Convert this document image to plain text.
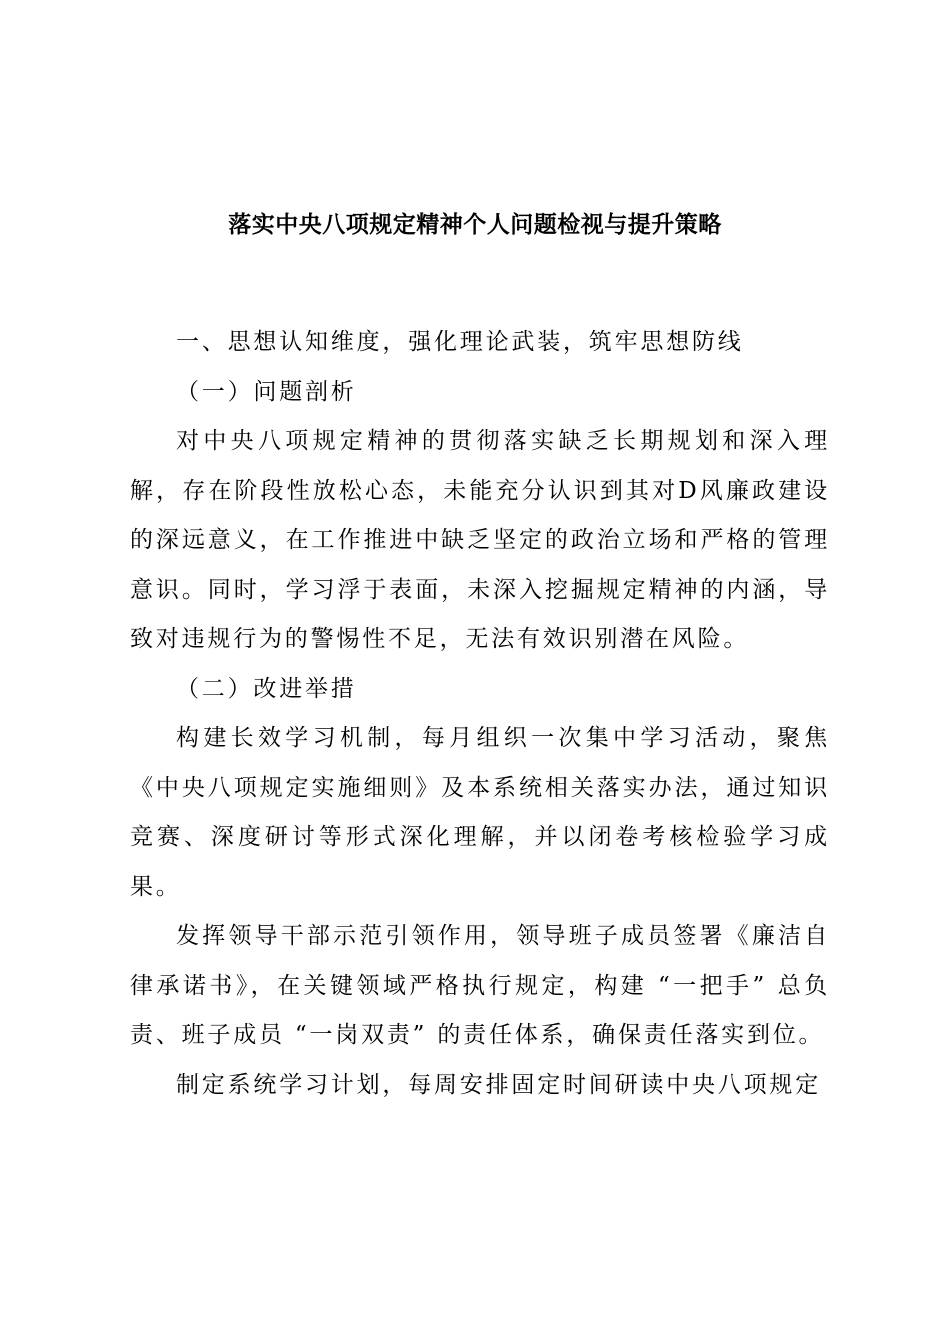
落实中央八项规定精神个人问题检视与提升策略

一、思想认知维度，强化理论武装，筑牢思想防线

（一）问题剖析

对中央八项规定精神的贯彻落实缺乏长期规划和深入理解，存在阶段性放松心态，未能充分认识到其对D风廉政建设的深远意义，在工作推进中缺乏坚定的政治立场和严格的管理意识。同时，学习浮于表面，未深入挖掘规定精神的内涵，导致对违规行为的警惕性不足，无法有效识别潜在风险。

（二）改进举措

构建长效学习机制，每月组织一次集中学习活动，聚焦《中央八项规定实施细则》及本系统相关落实办法，通过知识竞赛、深度研讨等形式深化理解，并以闭卷考核检验学习成果。

发挥领导干部示范引领作用，领导班子成员签署《廉洁自律承诺书》，在关键领域严格执行规定，构建 “一把手” 总负责、班子成员 “一岗双责” 的责任体系，确保责任落实到位。

制定系统学习计划，每周安排固定时间研读中央八项规定
